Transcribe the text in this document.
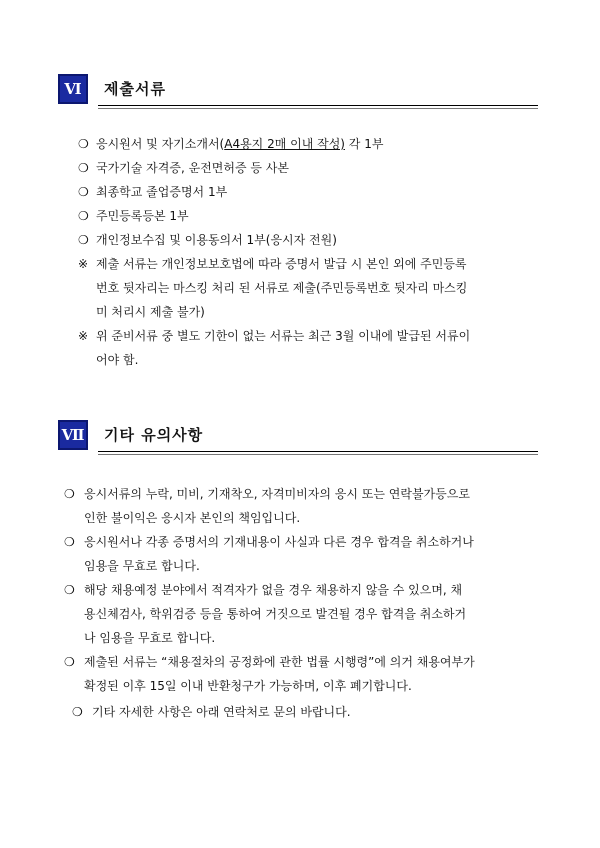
Ⅵ	제출서류
❍ 응시원서 및 자기소개서(A4용지 2매 이내 작성) 각 1부
❍ 국가기술 자격증, 운전면허증 등 사본
❍ 최종학교 졸업증명서 1부
❍ 주민등록등본 1부
❍ 개인정보수집 및 이용동의서 1부(응시자 전원)
※ 제출 서류는 개인정보보호법에 따라 증명서 발급 시 본인 외에 주민등록
번호 뒷자리는 마스킹 처리 된 서류로 제출(주민등록번호 뒷자리 마스킹
미 처리시 제출 불가)
※ 위 준비서류 중 별도 기한이 없는 서류는 최근 3월 이내에 발급된 서류이
어야 함.
Ⅶ 기타 유의사항
❍ 응시서류의 누락, 미비, 기재착오, 자격미비자의 응시 또는 연락불가등으로
인한 불이익은 응시자 본인의 책임입니다.
❍ 응시원서나 각종 증명서의 기재내용이 사실과 다른 경우 합격을 취소하거나
임용을 무효로 합니다.
❍ 해당 채용예정 분야에서 적격자가 없을 경우 채용하지 않을 수 있으며, 채
용신체검사, 학위검증 등을 통하여 거짓으로 발견될 경우 합격을 취소하거
나 임용을 무효로 합니다.
❍ 제출된 서류는 “채용절차의 공정화에 관한 법률 시행령”에 의거 채용여부가
확정된 이후 15일 이내 반환청구가 가능하며, 이후 폐기합니다.
❍ 기타 자세한 사항은 아래 연락처로 문의 바랍니다.
